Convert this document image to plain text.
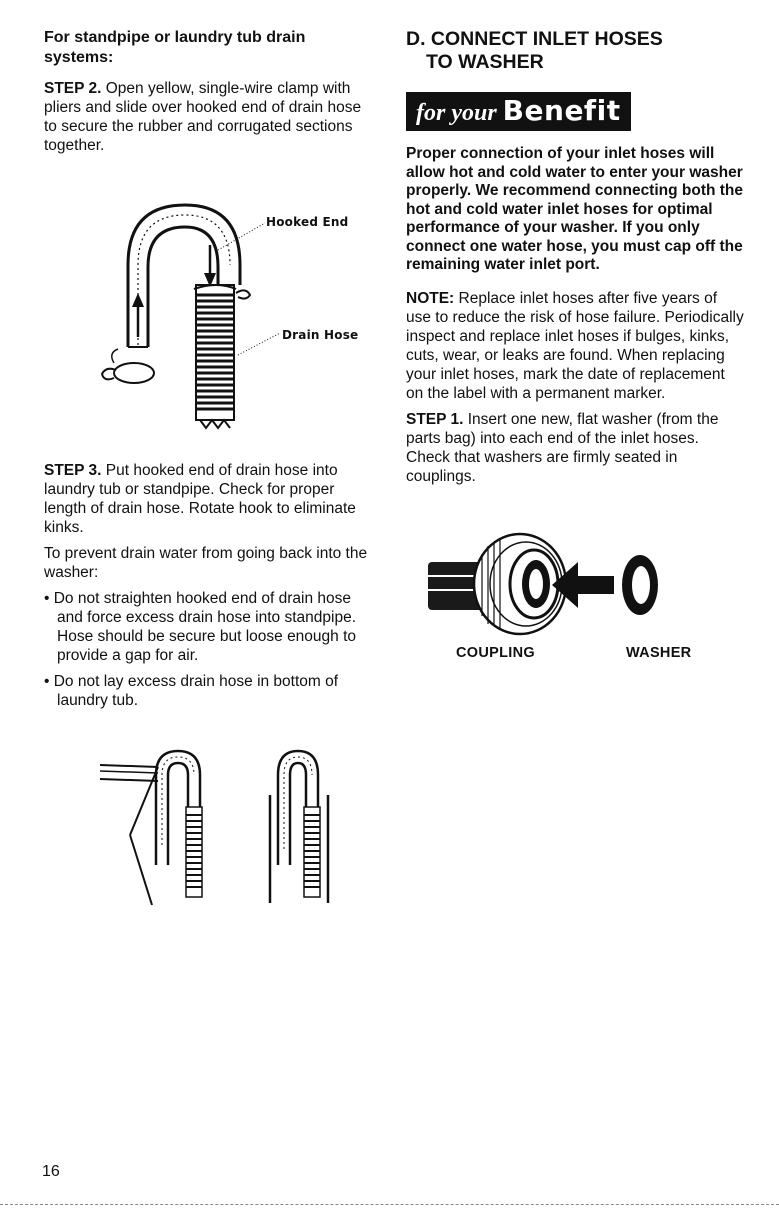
For standpipe or laundry tub drain systems:

STEP 2. Open yellow, single-wire clamp with pliers and slide over hooked end of drain hose to secure the rubber and corrugated sections together.

Hooked End
Drain Hose

STEP 3. Put hooked end of drain hose into laundry tub or standpipe. Check for proper length of drain hose. Rotate hook to eliminate kinks.

To prevent drain water from going back into the washer:

• Do not straighten hooked end of drain hose and force excess drain hose into standpipe. Hose should be secure but loose enough to provide a gap for air.

• Do not lay excess drain hose in bottom of laundry tub.

D. CONNECT INLET HOSES
TO WASHER
for your Benefit

Proper connection of your inlet hoses will allow hot and cold water to enter your washer properly. We recommend connecting both the hot and cold water inlet hoses for optimal performance of your washer. If you only connect one water hose, you must cap off the remaining water inlet port.

NOTE: Replace inlet hoses after five years of use to reduce the risk of hose failure. Periodically inspect and replace inlet hoses if bulges, kinks, cuts, wear, or leaks are found. When replacing your inlet hoses, mark the date of replacement on the label with a permanent marker.

STEP 1. Insert one new, flat washer (from the parts bag) into each end of the inlet hoses. Check that washers are firmly seated in couplings.

COUPLING	WASHER
16
